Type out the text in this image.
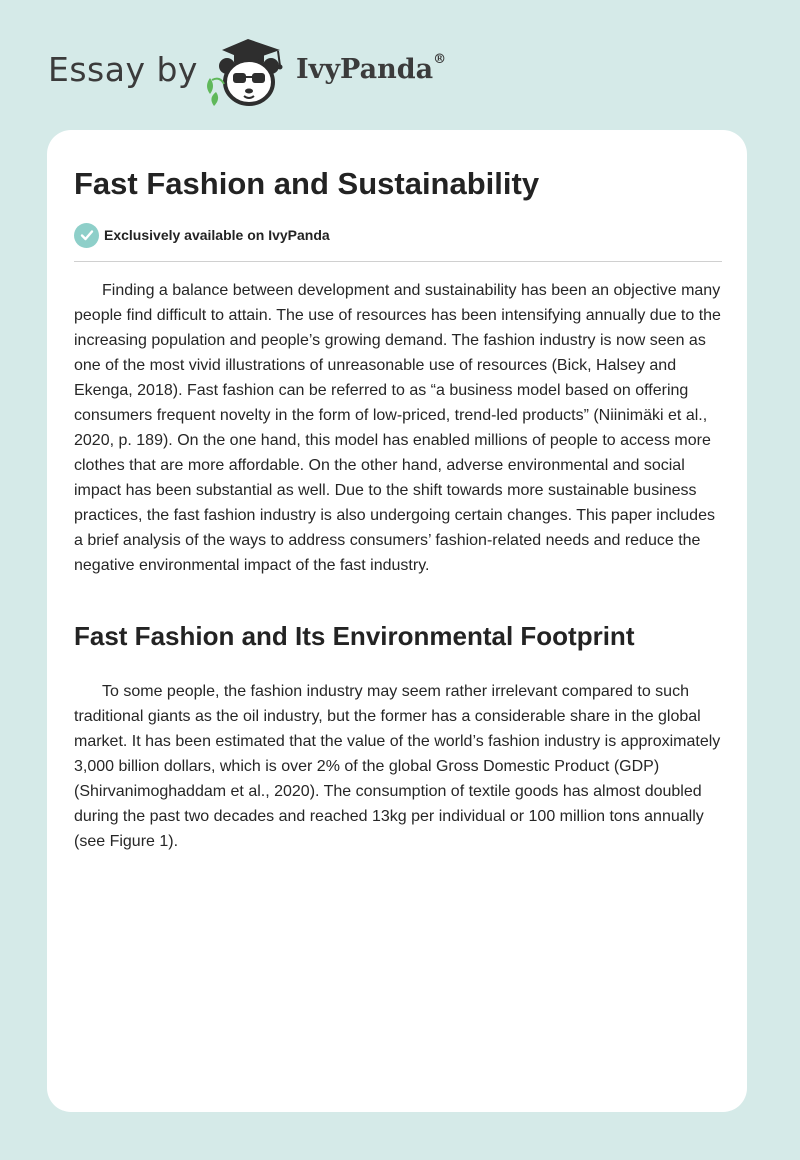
Essay by	IvyPanda®
Fast Fashion and Sustainability
Exclusively available on IvyPanda

Finding a balance between development and sustainability has been an objective many people find difficult to attain. The use of resources has been intensifying annually due to the increasing population and people’s growing demand. The fashion industry is now seen as one of the most vivid illustrations of unreasonable use of resources (Bick, Halsey and Ekenga, 2018). Fast fashion can be referred to as “a business model based on offering consumers frequent novelty in the form of low-priced, trend-led products” (Niinimäki et al., 2020, p. 189). On the one hand, this model has enabled millions of people to access more clothes that are more affordable. On the other hand, adverse environmental and social impact has been substantial as well. Due to the shift towards more sustainable business practices, the fast fashion industry is also undergoing certain changes. This paper includes a brief analysis of the ways to address consumers’ fashion-related needs and reduce the negative environmental impact of the fast industry.

Fast Fashion and Its Environmental Footprint

To some people, the fashion industry may seem rather irrelevant compared to such traditional giants as the oil industry, but the former has a considerable share in the global market. It has been estimated that the value of the world’s fashion industry is approximately 3,000 billion dollars, which is over 2% of the global Gross Domestic Product (GDP) (Shirvanimoghaddam et al., 2020). The consumption of textile goods has almost doubled during the past two decades and reached 13kg per individual or 100 million tons annually (see Figure 1).
